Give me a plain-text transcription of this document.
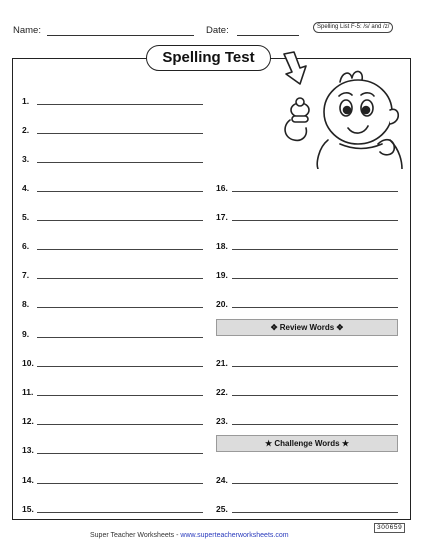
Name:	Date:	Spelling List F-5: /s/ and /z/
Spelling Test
1.
2.
3.
4.
5.
6.
7.
8.
9.
10.
11.
12.
13.
14.
15.
16.
17.
18.
19.
20.
✥ Review Words ✥
21.
22.
23.
★ Challenge Words ★
24.
25.
Super Teacher Worksheets - www.superteacherworksheets.com
300659
